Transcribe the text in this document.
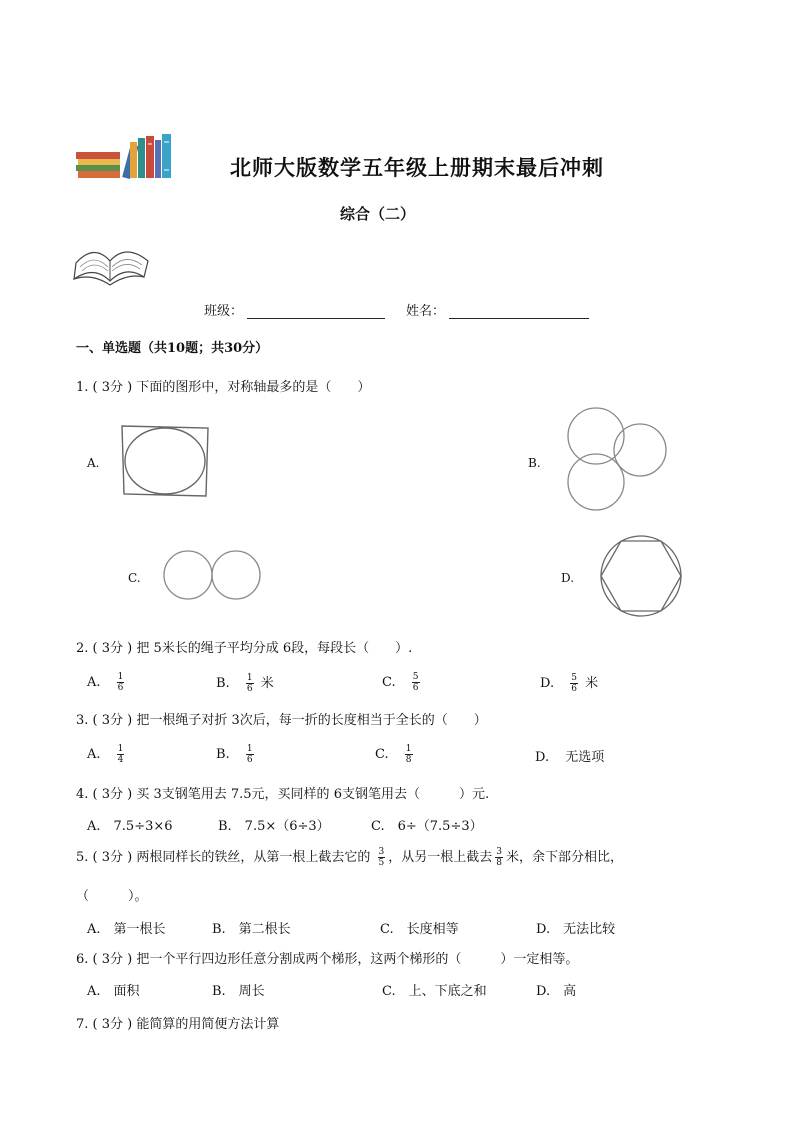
北师大版数学五年级上册期末最后冲刺
综合（二）
班级：	姓名：
一、单选题（共10题；共30分）
1. ( 3分 ) 下面的图形中，对称轴最多的是（　　）
A.	B.
C.	D.
2. ( 3分 ) 把 5米长的绳子平均分成 6段，每段长（　　）.
A. $\frac{1}{6}$	B. $\frac{1}{6}$ 米	C. $\frac{5}{6}$	D. $\frac{5}{6}$ 米
3. ( 3分 ) 把一根绳子对折 3次后，每一折的长度相当于全长的（　　）
A. $\frac{1}{4}$	B. $\frac{1}{6}$	C. $\frac{1}{8}$	D. 无选项
4. ( 3分 ) 买 3支钢笔用去 7.5元，买同样的 6支钢笔用去（　　　）元.
A.　7.5÷3×6	B.　7.5×（6÷3）	C.　6÷（7.5÷3）
5. ( 3分 ) 两根同样长的铁丝，从第一根上截去它的 $\frac{3}{5}$ ，从另一根上截去 $\frac{3}{8}$ 米，余下部分相比，
（　　　）。
A.　第一根长	B.　第二根长	C.　长度相等	D.　无法比较
6. ( 3分 ) 把一个平行四边形任意分割成两个梯形，这两个梯形的（　　　）一定相等。
A.　面积	B.　周长	C.　上、下底之和	D.　高
7. ( 3分 ) 能简算的用简便方法计算
